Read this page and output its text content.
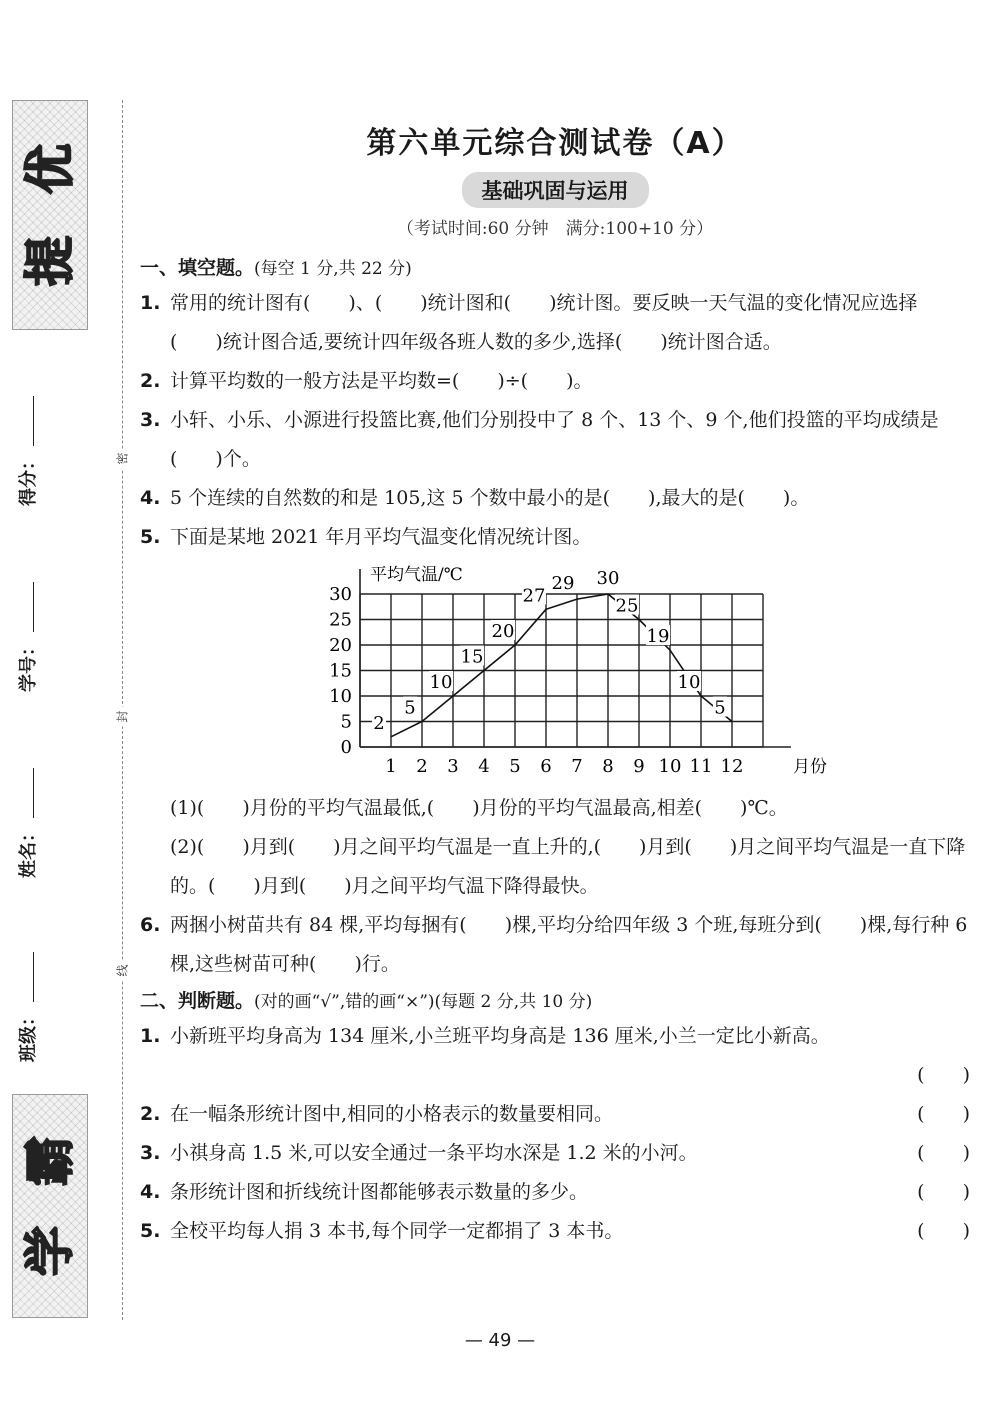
优
提
霸
学
班级：
姓名：
学号：
得分：	密
封
线
第六单元综合测试卷（A）
基础巩固与运用
（考试时间:60 分钟　满分:100+10 分）
一、填空题。(每空 1 分,共 22 分)
1. 常用的统计图有(　　)、(　　)统计图和(　　)统计图。要反映一天气温的变化情况应选择(　　)统计图合适,要统计四年级各班人数的多少,选择(　　)统计图合适。
2. 计算平均数的一般方法是平均数=(　　)÷(　　)。
3. 小轩、小乐、小源进行投篮比赛,他们分别投中了 8 个、13 个、9 个,他们投篮的平均成绩是(　　)个。
4. 5 个连续的自然数的和是 105,这 5 个数中最小的是(　　),最大的是(　　)。
5. 下面是某地 2021 年月平均气温变化情况统计图。
平均气温/℃
月份
0
5
10
15
20
25
30
1 2 3 4 5 6 7 8 9 10 11 12
2
5
10
15
20
27
29 30
25
19
10
5
(1)(　　)月份的平均气温最低,(　　)月份的平均气温最高,相差(　　)℃。
(2)(　　)月到(　　)月之间平均气温是一直上升的,(　　)月到(　　)月之间平均气温是一直下降的。(　　)月到(　　)月之间平均气温下降得最快。
6. 两捆小树苗共有 84 棵,平均每捆有(　　)棵,平均分给四年级 3 个班,每班分到(　　)棵,每行种 6 棵,这些树苗可种(　　)行。
二、判断题。(对的画“√”,错的画“×”)(每题 2 分,共 10 分)
1. 小新班平均身高为 134 厘米,小兰班平均身高是 136 厘米,小兰一定比小新高。
(　　)
2. 在一幅条形统计图中,相同的小格表示的数量要相同。	(　　)
3. 小祺身高 1.5 米,可以安全通过一条平均水深是 1.2 米的小河。	(　　)
4. 条形统计图和折线统计图都能够表示数量的多少。	(　　)
5. 全校平均每人捐 3 本书,每个同学一定都捐了 3 本书。	(　　)
— 49 —
